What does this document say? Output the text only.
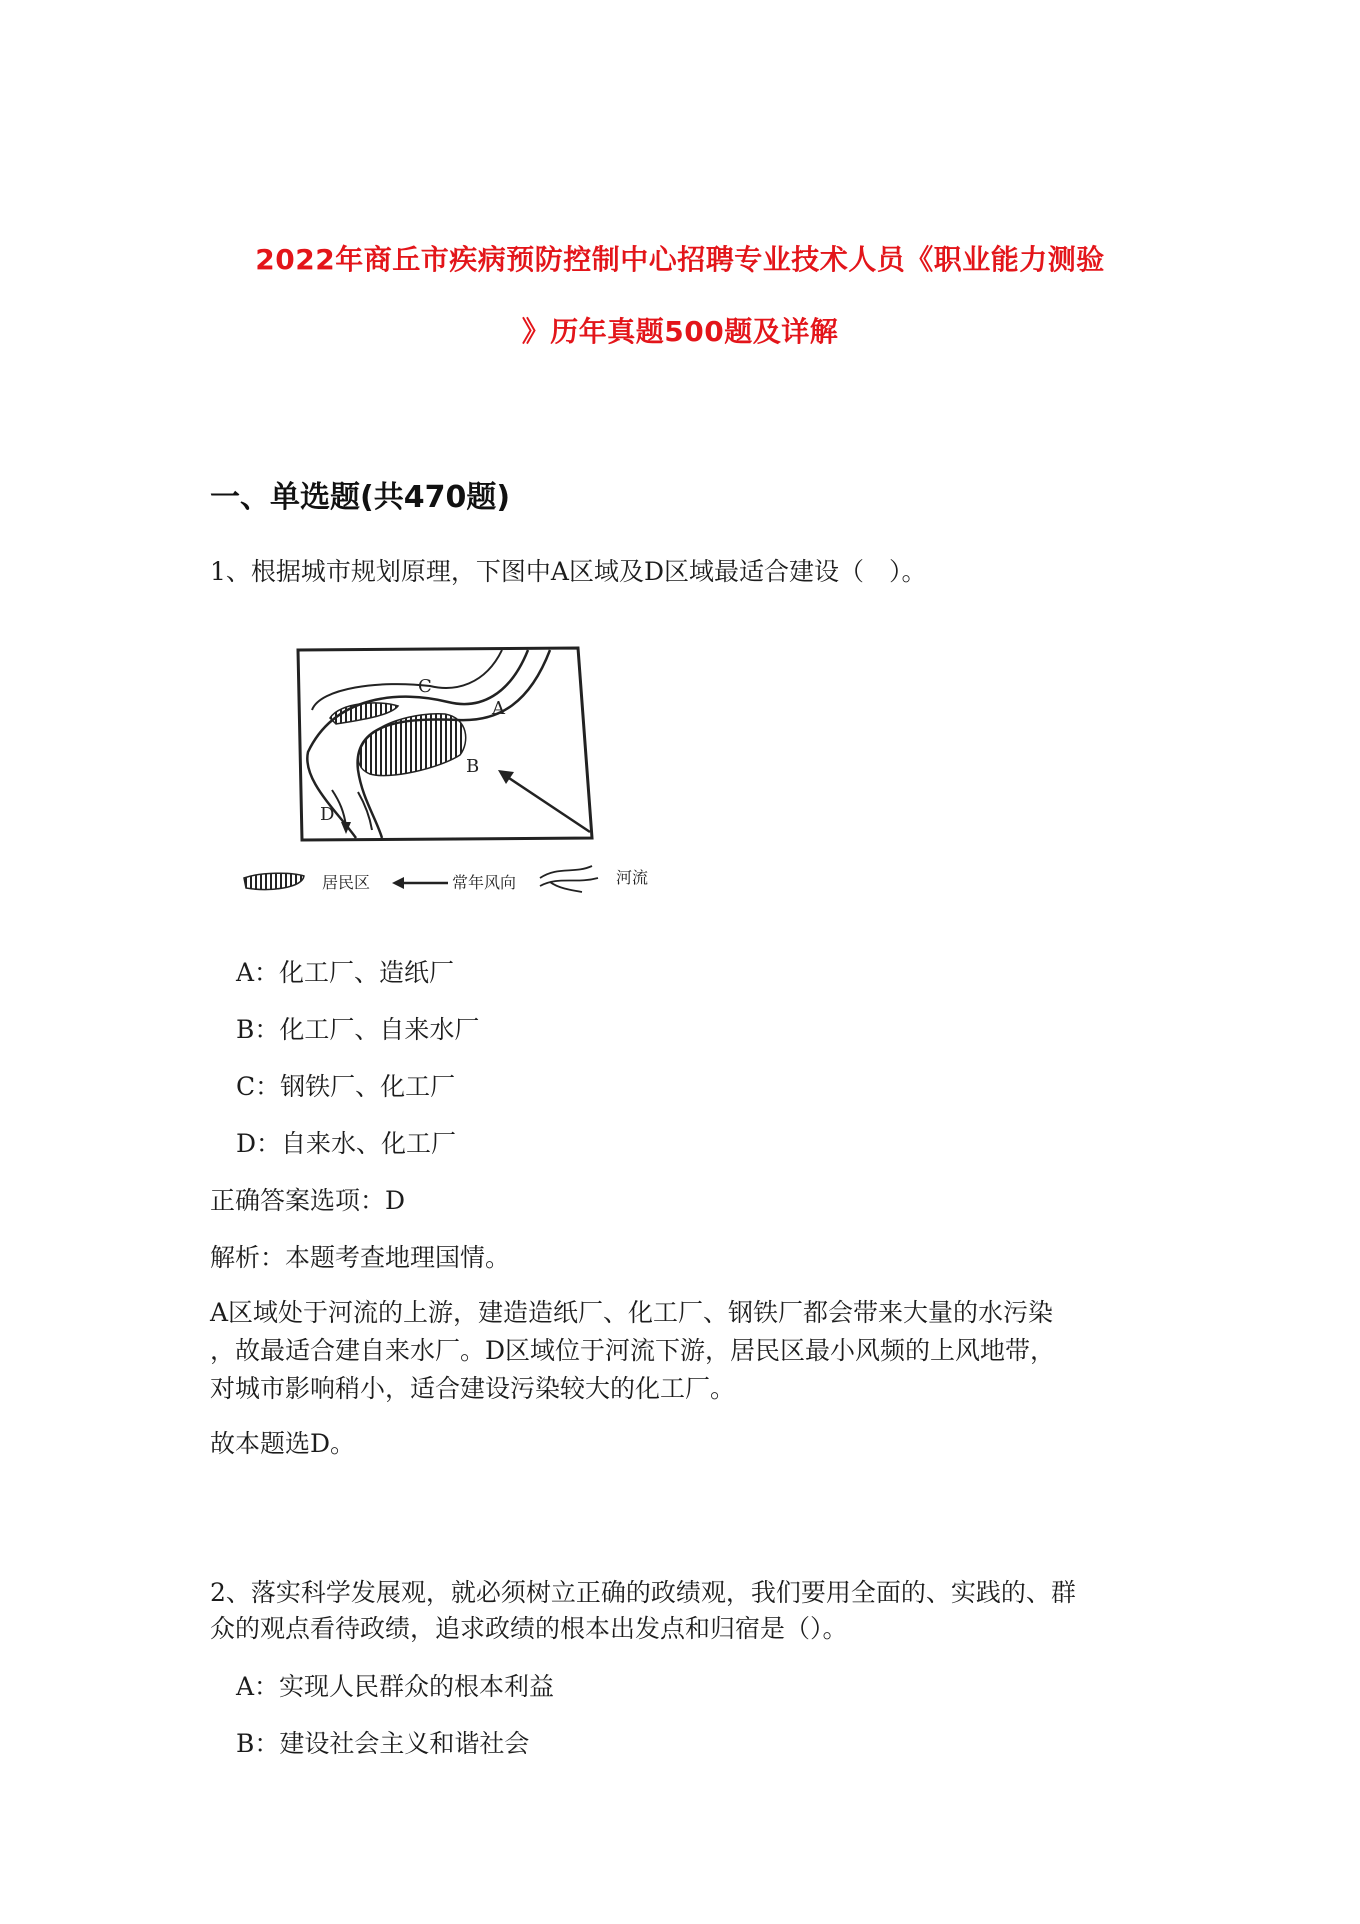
2022年商丘市疾病预防控制中心招聘专业技术人员《职业能力测验
》历年真题500题及详解
一、单选题(共470题)
1、根据城市规划原理，下图中A区域及D区域最适合建设（　）。
C
A
B
D
居民区	常年风向	河流
A：化工厂、造纸厂
B：化工厂、自来水厂
C：钢铁厂、化工厂
D：自来水、化工厂
正确答案选项：D
解析：本题考查地理国情。
A区域处于河流的上游，建造造纸厂、化工厂、钢铁厂都会带来大量的水污染
，故最适合建自来水厂。D区域位于河流下游，居民区最小风频的上风地带，
对城市影响稍小，适合建设污染较大的化工厂。
故本题选D。
2、落实科学发展观，就必须树立正确的政绩观，我们要用全面的、实践的、群
众的观点看待政绩，追求政绩的根本出发点和归宿是（）。
A：实现人民群众的根本利益
B：建设社会主义和谐社会
